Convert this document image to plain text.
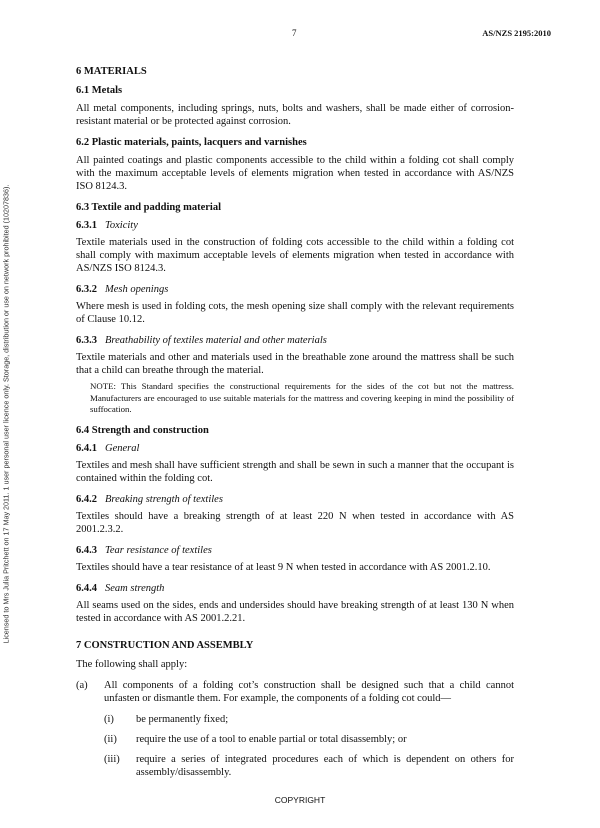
Licensed to Mrs Julia Pritchett on 17 May 2011. 1 user personal user licence only. Storage, distribution or use on network prohibited (10207836).
7	AS/NZS 2195:2010

6 MATERIALS

6.1 Metals

All metal components, including springs, nuts, bolts and washers, shall be made either of corrosion-resistant material or be protected against corrosion.

6.2 Plastic materials, paints, lacquers and varnishes

All painted coatings and plastic components accessible to the child within a folding cot shall comply with the maximum acceptable levels of elements migration when tested in accordance with AS/NZS ISO 8124.3.

6.3 Textile and padding material

6.3.1 Toxicity

Textile materials used in the construction of folding cots accessible to the child within a folding cot shall comply with maximum acceptable levels of elements migration when tested in accordance with AS/NZS ISO 8124.3.

6.3.2 Mesh openings

Where mesh is used in folding cots, the mesh opening size shall comply with the relevant requirements of Clause 10.12.

6.3.3 Breathability of textiles material and other materials

Textile materials and other and materials used in the breathable zone around the mattress shall be such that a child can breathe through the material.

NOTE: This Standard specifies the constructional requirements for the sides of the cot but not the mattress. Manufacturers are encouraged to use suitable materials for the mattress and covering keeping in mind the possibility of suffocation.

6.4 Strength and construction

6.4.1 General

Textiles and mesh shall have sufficient strength and shall be sewn in such a manner that the occupant is contained within the folding cot.

6.4.2 Breaking strength of textiles

Textiles should have a breaking strength of at least 220 N when tested in accordance with AS 2001.2.3.2.

6.4.3 Tear resistance of textiles

Textiles should have a tear resistance of at least 9 N when tested in accordance with AS 2001.2.10.

6.4.4 Seam strength

All seams used on the sides, ends and undersides should have breaking strength of at least 130 N when tested in accordance with AS 2001.2.21.

7 CONSTRUCTION AND ASSEMBLY

The following shall apply:

(a) All components of a folding cot’s construction shall be designed such that a child cannot unfasten or dismantle them. For example, the components of a folding cot could—
(i) be permanently fixed;
(ii) require the use of a tool to enable partial or total disassembly; or
(iii) require a series of integrated procedures each of which is dependent on others for assembly/disassembly.
COPYRIGHT
